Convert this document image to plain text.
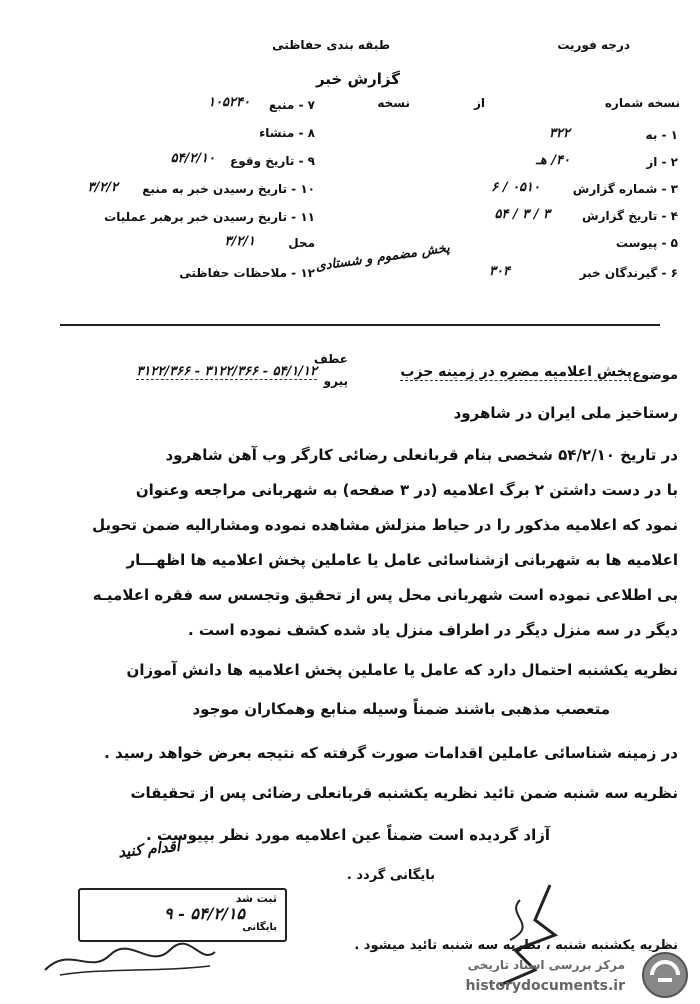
درجه فوریت
طبقه بندی حفاظتی
گزارش خبر
نسخه شماره
از
نسخه
۱ - به
۳۲۲
۲ - از
۴۰/ هـ
۳ - شماره گزارش
۰۵۱۰ / ۶
۴ - تاریخ گزارش
۳ / ۳ / ۵۴
۵ - پیوست
۶ - گیرندگان خبر
۳۰۴
۷ - منبع
۱۰۵۲۴۰
۸ - منشاء
۹ - تاریخ وقوع
۵۴/۲/۱۰
۱۰ - تاریخ رسیدن خبر به منبع
۳/۲/۲
۱۱ - تاریخ رسیدن خبر برهبر عملیات
محل
۳/۲/۱
۱۲ - ملاحظات حفاظتی پخش مضموم و شستادی
موضوع
پخش اعلامیه مضره در زمینه حزب
عطف
پیرو
۵۴/۱/۱۲ - ۳۱۲۲/۳۶۶ - ۳۱۲۲/۳۶۶
رستاخیز ملی ایران در شاهرود
در تاریخ ۵۴/۲/۱۰ شخصی بنام قربانعلی رضائی کارگر وب آهن شاهرود
با در دست داشتن ۲ برگ اعلامیه (در ۳ صفحه) به شهربانی مراجعه وعنوان
نمود که اعلامیه مذکور را در حیاط منزلش مشاهده نموده ومشارالیه ضمن تحویل
اعلامیه ها به شهربانی ازشناسائی عامل یا عاملین پخش اعلامیه ها اظهـــار
بی اطلاعی نموده است شهربانی محل پس از تحقیق وتجسس سه فقره اعلامیـه
دیگر در سه منزل دیگر در اطراف منزل یاد شده کشف نموده است .
نظریه یکشنبه احتمال دارد که عامل یا عاملین پخش اعلامیه ها دانش آموزان
متعصب مذهبی باشند ضمناً وسیله منابع وهمکاران موجود
در زمینه شناسائی عاملین اقدامات صورت گرفته که نتیجه بعرض خواهد رسید .
نظریه سه شنبه ضمن تائید نظریه یکشنبه قربانعلی رضائی پس از تحقیقات
آزاد گردیده است ضمناً عین اعلامیه مورد نظر بپیوست .
اقدام کنید
بایگانی گردد .
نظریه یکشنبه شنبه ، نظریه سه شنبه تائید میشود .
ثبت شد
۵۴/۲/۱۵ - ۹
بایگانی
مرکز بررسی اسناد تاریخی
historydocuments.ir
